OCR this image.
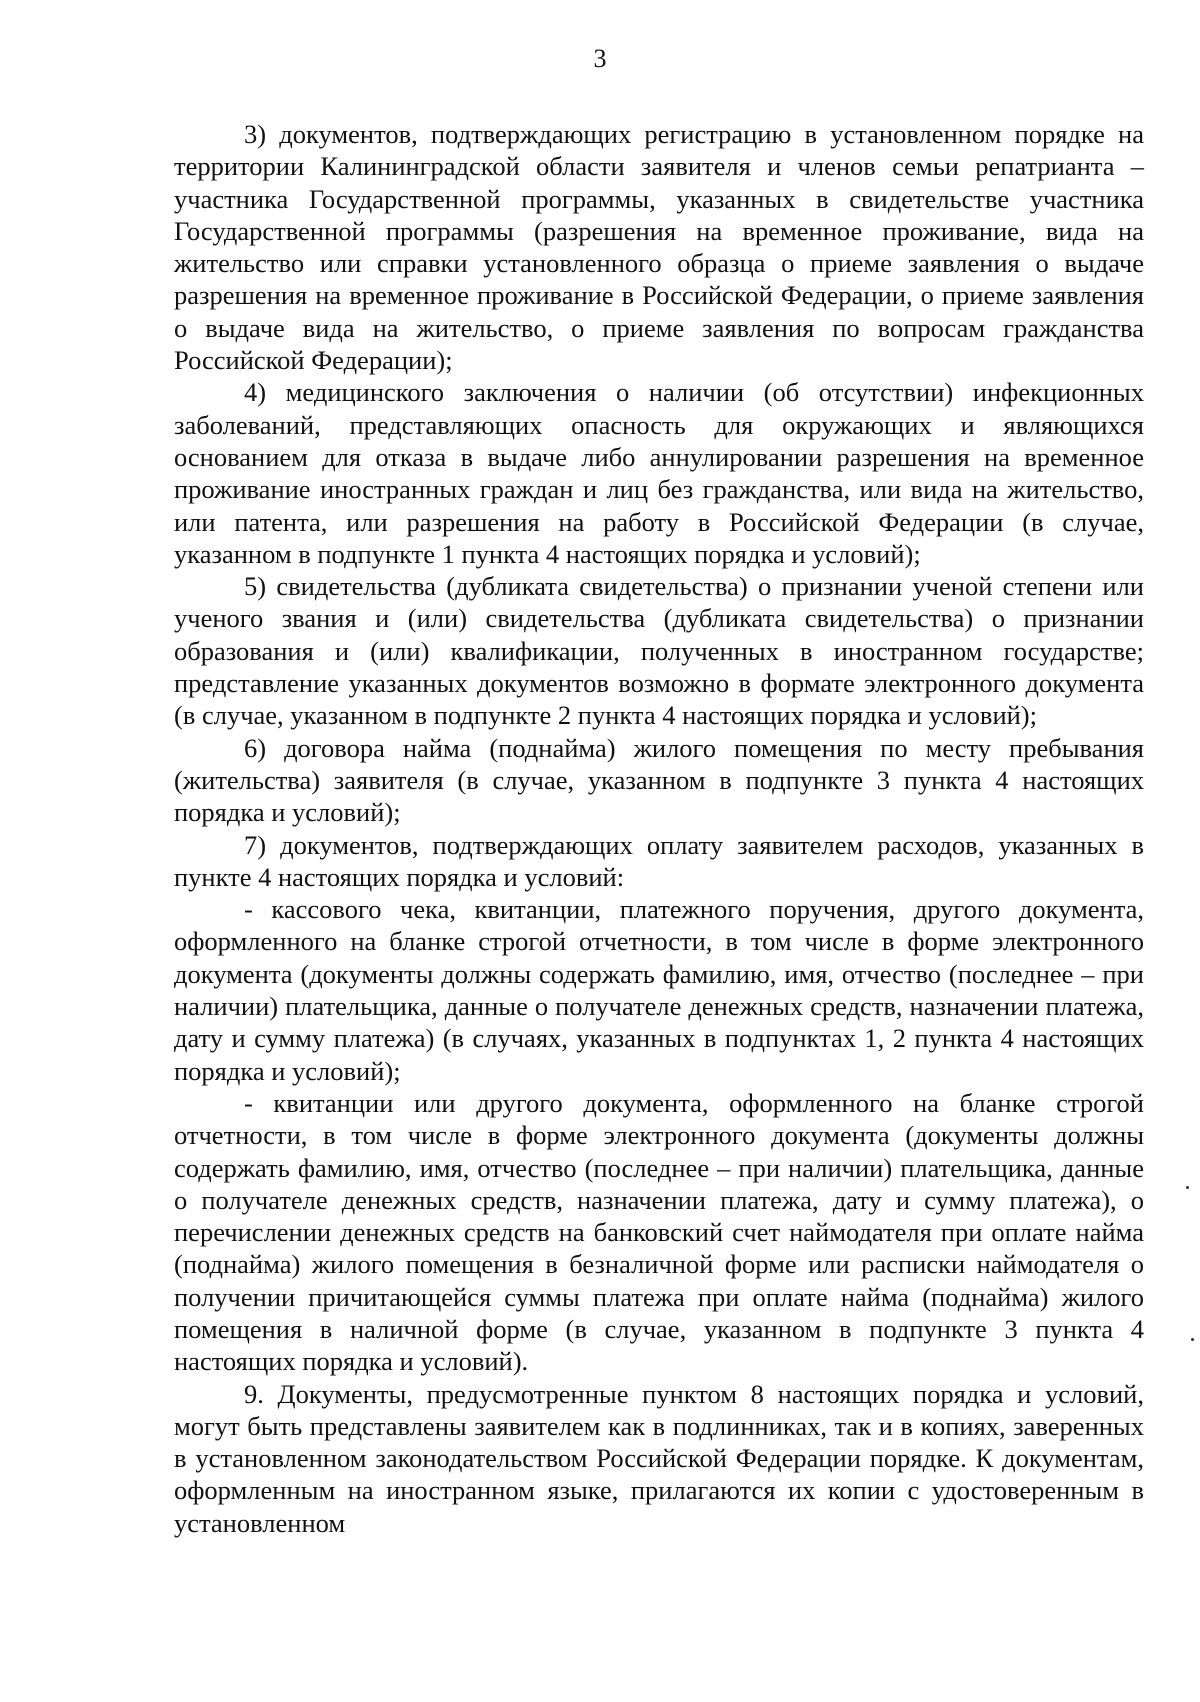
3

3) документов, подтверждающих регистрацию в установленном порядке на территории Калининградской области заявителя и членов семьи репатрианта – участника Государственной программы, указанных в свидетельстве участника Государственной программы (разрешения на временное проживание, вида на жительство или справки установленного образца о приеме заявления о выдаче разрешения на временное проживание в Российской Федерации, о приеме заявления о выдаче вида на жительство, о приеме заявления по вопросам гражданства Российской Федерации);

4) медицинского заключения о наличии (об отсутствии) инфекционных заболеваний, представляющих опасность для окружающих и являющихся основанием для отказа в выдаче либо аннулировании разрешения на временное проживание иностранных граждан и лиц без гражданства, или вида на жительство, или патента, или разрешения на работу в Российской Федерации (в случае, указанном в подпункте 1 пункта 4 настоящих порядка и условий);

5) свидетельства (дубликата свидетельства) о признании ученой степени или ученого звания и (или) свидетельства (дубликата свидетельства) о признании образования и (или) квалификации, полученных в иностранном государстве; представление указанных документов возможно в формате электронного документа (в случае, указанном в подпункте 2 пункта 4 настоящих порядка и условий);

6) договора найма (поднайма) жилого помещения по месту пребывания (жительства) заявителя (в случае, указанном в подпункте 3 пункта 4 настоящих порядка и условий);

7) документов, подтверждающих оплату заявителем расходов, указанных в пункте 4 настоящих порядка и условий:

- кассового чека, квитанции, платежного поручения, другого документа, оформленного на бланке строгой отчетности, в том числе в форме электронного документа (документы должны содержать фамилию, имя, отчество (последнее – при наличии) плательщика, данные о получателе денежных средств, назначении платежа, дату и сумму платежа) (в случаях, указанных в подпунктах 1, 2 пункта 4 настоящих порядка и условий);

- квитанции или другого документа, оформленного на бланке строгой отчетности, в том числе в форме электронного документа (документы должны содержать фамилию, имя, отчество (последнее – при наличии) плательщика, данные о получателе денежных средств, назначении платежа, дату и сумму платежа), о перечислении денежных средств на банковский счет наймодателя при оплате найма (поднайма) жилого помещения в безналичной форме или расписки наймодателя о получении причитающейся суммы платежа при оплате найма (поднайма) жилого помещения в наличной форме (в случае, указанном в подпункте 3 пункта 4 настоящих порядка и условий).

9. Документы, предусмотренные пунктом 8 настоящих порядка и условий, могут быть представлены заявителем как в подлинниках, так и в копиях, заверенных в установленном законодательством Российской Федерации порядке. К документам, оформленным на иностранном языке, прилагаются их копии с удостоверенным в установленном
